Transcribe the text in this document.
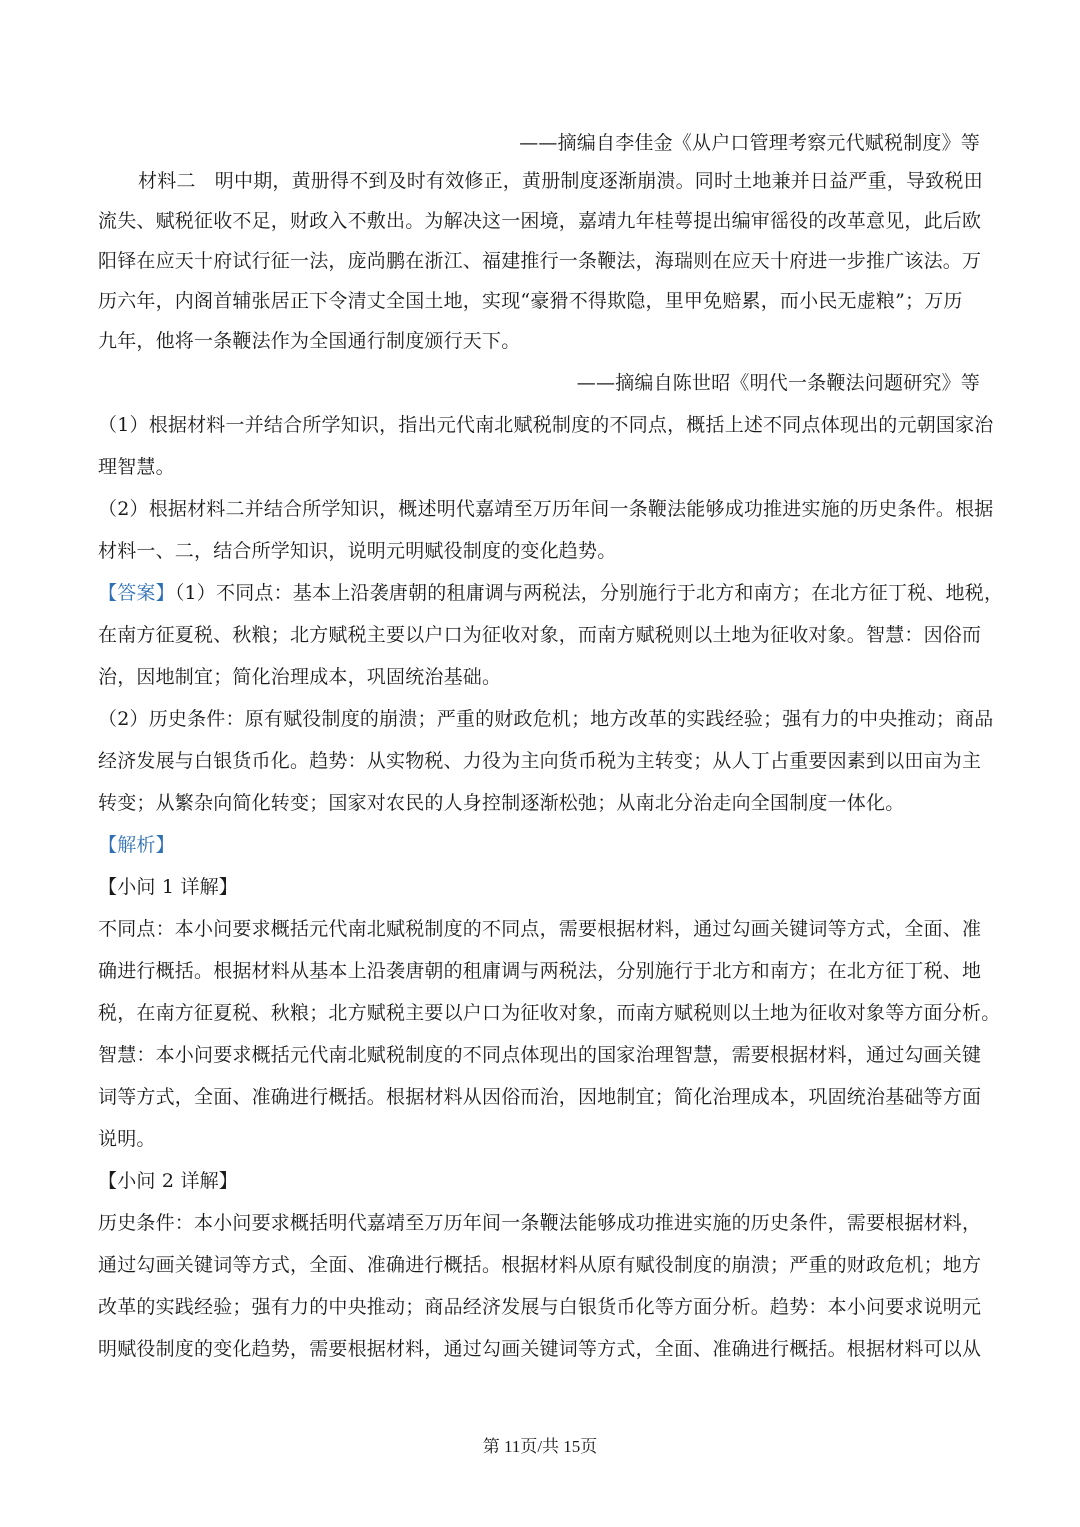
——摘编自李佳金《从户口管理考察元代赋税制度》等
材料二　明中期，黄册得不到及时有效修正，黄册制度逐渐崩溃。同时土地兼并日益严重，导致税田
流失、赋税征收不足，财政入不敷出。为解决这一困境，嘉靖九年桂萼提出编审徭役的改革意见，此后欧
阳铎在应天十府试行征一法，庞尚鹏在浙江、福建推行一条鞭法，海瑞则在应天十府进一步推广该法。万
历六年，内阁首辅张居正下令清丈全国土地，实现“豪猾不得欺隐，里甲免赔累，而小民无虚粮”；万历
九年，他将一条鞭法作为全国通行制度颁行天下。
——摘编自陈世昭《明代一条鞭法问题研究》等
（1）根据材料一并结合所学知识，指出元代南北赋税制度的不同点，概括上述不同点体现出的元朝国家治
理智慧。
（2）根据材料二并结合所学知识，概述明代嘉靖至万历年间一条鞭法能够成功推进实施的历史条件。根据
材料一、二，结合所学知识，说明元明赋役制度的变化趋势。
【答案】（1）不同点：基本上沿袭唐朝的租庸调与两税法，分别施行于北方和南方；在北方征丁税、地税，
在南方征夏税、秋粮；北方赋税主要以户口为征收对象，而南方赋税则以土地为征收对象。智慧：因俗而
治，因地制宜；简化治理成本，巩固统治基础。
（2）历史条件：原有赋役制度的崩溃；严重的财政危机；地方改革的实践经验；强有力的中央推动；商品
经济发展与白银货币化。趋势：从实物税、力役为主向货币税为主转变；从人丁占重要因素到以田亩为主
转变；从繁杂向简化转变；国家对农民的人身控制逐渐松弛；从南北分治走向全国制度一体化。
【解析】
【小问 1 详解】
不同点：本小问要求概括元代南北赋税制度的不同点，需要根据材料，通过勾画关键词等方式，全面、准
确进行概括。根据材料从基本上沿袭唐朝的租庸调与两税法，分别施行于北方和南方；在北方征丁税、地
税，在南方征夏税、秋粮；北方赋税主要以户口为征收对象，而南方赋税则以土地为征收对象等方面分析。
智慧：本小问要求概括元代南北赋税制度的不同点体现出的国家治理智慧，需要根据材料，通过勾画关键
词等方式，全面、准确进行概括。根据材料从因俗而治，因地制宜；简化治理成本，巩固统治基础等方面
说明。
【小问 2 详解】
历史条件：本小问要求概括明代嘉靖至万历年间一条鞭法能够成功推进实施的历史条件，需要根据材料，
通过勾画关键词等方式，全面、准确进行概括。根据材料从原有赋役制度的崩溃；严重的财政危机；地方
改革的实践经验；强有力的中央推动；商品经济发展与白银货币化等方面分析。趋势：本小问要求说明元
明赋役制度的变化趋势，需要根据材料，通过勾画关键词等方式，全面、准确进行概括。根据材料可以从
第 11页/共 15页
